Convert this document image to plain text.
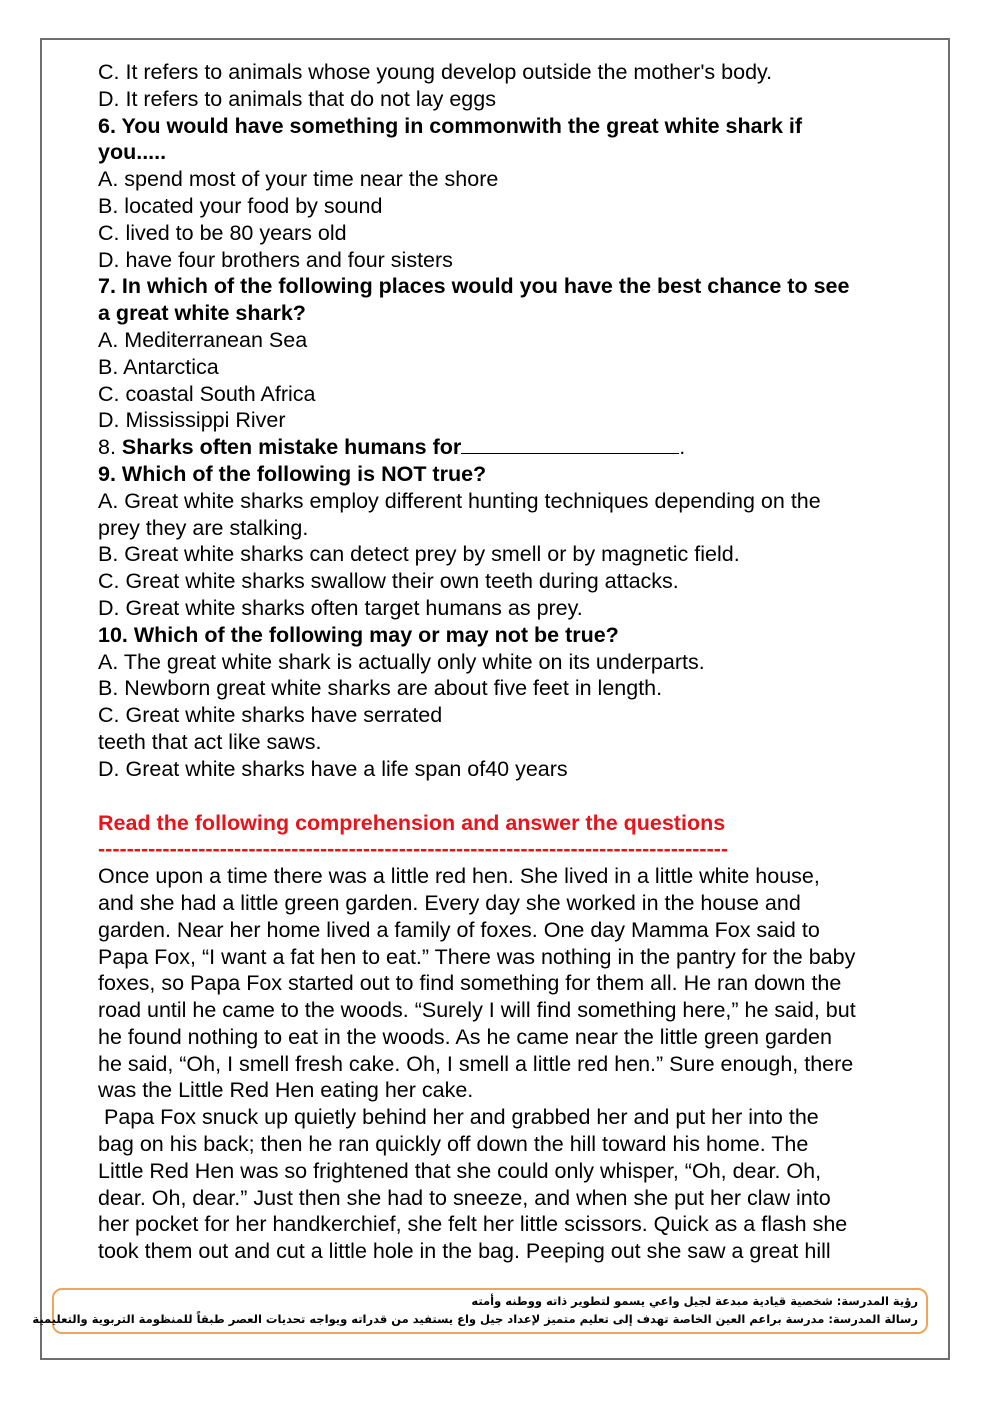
C. It refers to animals whose young develop outside the mother's body.

D. It refers to animals that do not lay eggs

6. You would have something in commonwith the great white shark if

you.....

A. spend most of your time near the shore

B. located your food by sound

C. lived to be 80 years old

D. have four brothers and four sisters

7. In which of the following places would you have the best chance to see

a great white shark?

A. Mediterranean Sea

B. Antarctica

C. coastal South Africa

D. Mississippi River

8. Sharks often mistake humans for	.

9. Which of the following is NOT true?

A. Great white sharks employ different hunting techniques depending on the

prey they are stalking.

B. Great white sharks can detect prey by smell or by magnetic field.

C. Great white sharks swallow their own teeth during attacks.

D. Great white sharks often target humans as prey.

10. Which of the following may or may not be true?

A. The great white shark is actually only white on its underparts.

B. Newborn great white sharks are about five feet in length.

C. Great white sharks have serrated

teeth that act like saws.

D. Great white sharks have a life span of40 years

Read the following comprehension and answer the questions

----------------------------------------------------------------------------------------

Once upon a time there was a little red hen. She lived in a little white house,

and she had a little green garden. Every day she worked in the house and

garden. Near her home lived a family of foxes. One day Mamma Fox said to

Papa Fox, “I want a fat hen to eat.” There was nothing in the pantry for the baby

foxes, so Papa Fox started out to find something for them all. He ran down the

road until he came to the woods. “Surely I will find something here,” he said, but

he found nothing to eat in the woods. As he came near the little green garden

he said, “Oh, I smell fresh cake. Oh, I smell a little red hen.” Sure enough, there

was the Little Red Hen eating her cake.

Papa Fox snuck up quietly behind her and grabbed her and put her into the

bag on his back; then he ran quickly off down the hill toward his home. The

Little Red Hen was so frightened that she could only whisper, “Oh, dear. Oh,

dear. Oh, dear.” Just then she had to sneeze, and when she put her claw into

her pocket for her handkerchief, she felt her little scissors. Quick as a flash she

took them out and cut a little hole in the bag. Peeping out she saw a great hill

رؤية المدرسة: شخصية قيادية مبدعة لجيل واعي يسمو لتطوير ذاته ووطنه وأمته
رسالة المدرسة: مدرسة براعم العين الخاصة تهدف إلى تعليم متميز لإعداد جيل واع يستفيد من قدراته ويواجه تحديات العصر طبقاً للمنظومة التربوية والتعليمية
